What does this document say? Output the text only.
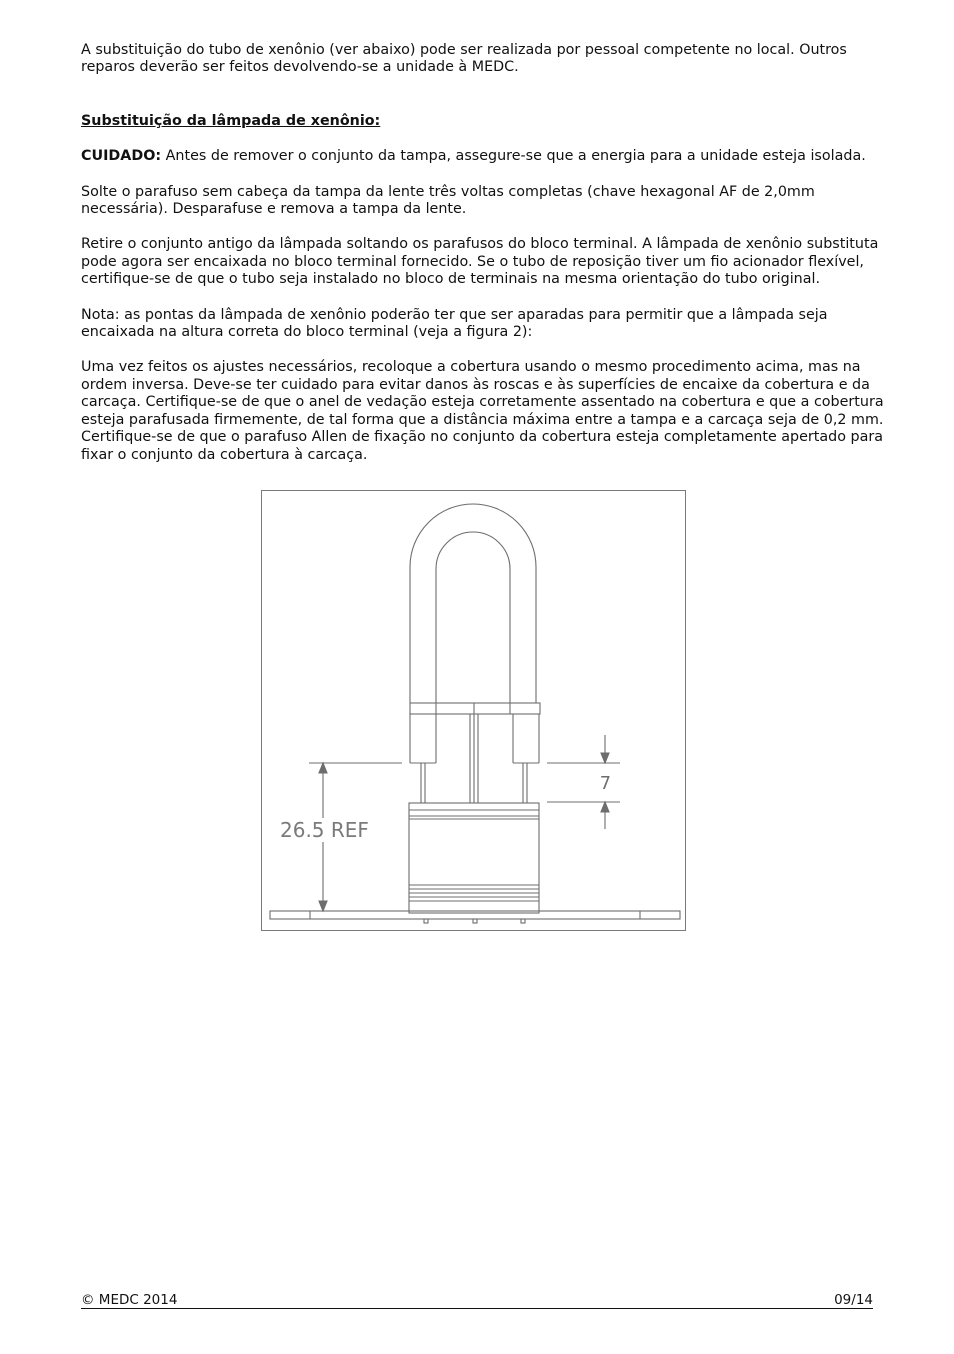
A substituição do tubo de xenônio (ver abaixo) pode ser realizada por pessoal competente no local. Outros reparos deverão ser feitos devolvendo-se a unidade à MEDC.

Substituição da lâmpada de xenônio:

CUIDADO: Antes de remover o conjunto da tampa, assegure-se que a energia para a unidade esteja isolada.

Solte o parafuso sem cabeça da tampa da lente três voltas completas (chave hexagonal AF de 2,0mm necessária). Desparafuse e remova a tampa da lente.

Retire o conjunto antigo da lâmpada soltando os parafusos do bloco terminal. A lâmpada de xenônio substituta pode agora ser encaixada no bloco terminal fornecido. Se o tubo de reposição tiver um fio acionador flexível, certifique-se de que o tubo seja instalado no bloco de terminais na mesma orientação do tubo original.

Nota: as pontas da lâmpada de xenônio poderão ter que ser aparadas para permitir que a lâmpada seja encaixada na altura correta do bloco terminal (veja a figura 2):

Uma vez feitos os ajustes necessários, recoloque a cobertura usando o mesmo procedimento acima, mas na ordem inversa. Deve-se ter cuidado para evitar danos às roscas e às superfícies de encaixe da cobertura e da carcaça. Certifique-se de que o anel de vedação esteja corretamente assentado na cobertura e que a cobertura esteja parafusada firmemente, de tal forma que a distância máxima entre a tampa e a carcaça seja de 0,2 mm. Certifique-se de que o parafuso Allen de fixação no conjunto da cobertura esteja completamente apertado para fixar o conjunto da cobertura à carcaça.

7
26.5 REF
© MEDC 2014	09/14
